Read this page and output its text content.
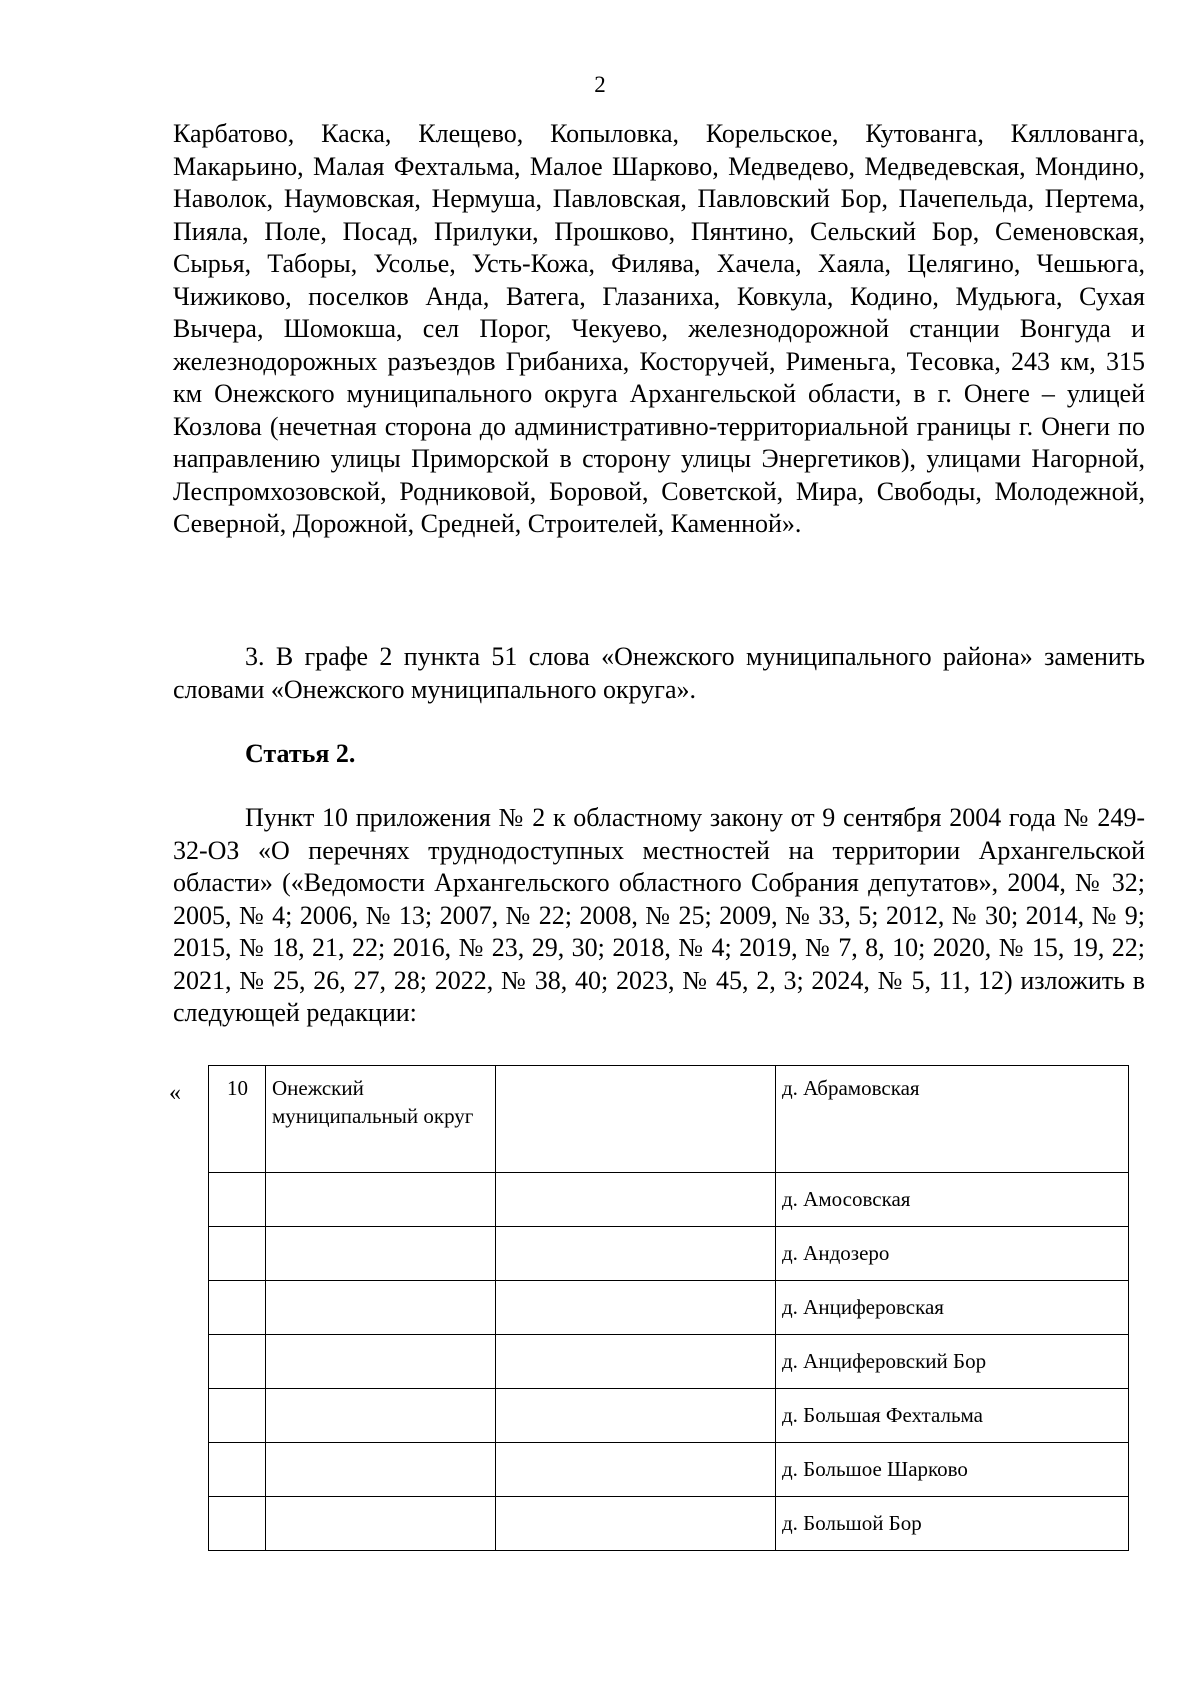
2

Карбатово, Каска, Клещево, Копыловка, Корельское, Кутованга, Кяллованга, Макарьино, Малая Фехтальма, Малое Шарково, Медведево, Медведевская, Мондино, Наволок, Наумовская, Нермуша, Павловская, Павловский Бор, Пачепельда, Пертема, Пияла, Поле, Посад, Прилуки, Прошково, Пянтино, Сельский Бор, Семеновская, Сырья, Таборы, Усолье, Усть-Кожа, Филява, Хачела, Хаяла, Целягино, Чешьюга, Чижиково, поселков Анда, Ватега, Глазаниха, Ковкула, Кодино, Мудьюга, Сухая Вычера, Шомокша, сел Порог, Чекуево, железнодорожной станции Вонгуда и железнодорожных разъездов Грибаниха, Косторучей, Рименьга, Тесовка, 243 км, 315 км Онежского муниципального округа Архангельской области, в г. Онеге – улицей Козлова (нечетная сторона до административно-территориальной границы г. Онеги по направлению улицы Приморской в сторону улицы Энергетиков), улицами Нагорной, Леспромхозовской, Родниковой, Боровой, Советской, Мира, Свободы, Молодежной, Северной, Дорожной, Средней, Строителей, Каменной».

3. В графе 2 пункта 51 слова «Онежского муниципального района» заменить словами «Онежского муниципального округа».

Статья 2.

Пункт 10 приложения № 2 к областному закону от 9 сентября 2004 года № 249-32-ОЗ «О перечнях труднодоступных местностей на территории Архангельской области» («Ведомости Архангельского областного Собрания депутатов», 2004, № 32; 2005, № 4; 2006, № 13; 2007, № 22; 2008, № 25; 2009, № 33, 5; 2012, № 30; 2014, № 9; 2015, № 18, 21, 22; 2016, № 23, 29, 30; 2018, № 4; 2019, № 7, 8, 10; 2020, № 15, 19, 22; 2021, № 25, 26, 27, 28; 2022, № 38, 40; 2023, № 45, 2, 3; 2024, № 5, 11, 12) изложить в следующей редакции:

« 10	Онежский муниципальный округ		д. Абрамовская
			д. Амосовская
			д. Андозеро
			д. Анциферовская
			д. Анциферовский Бор
			д. Большая Фехтальма
			д. Большое Шарково
			д. Большой Бор
